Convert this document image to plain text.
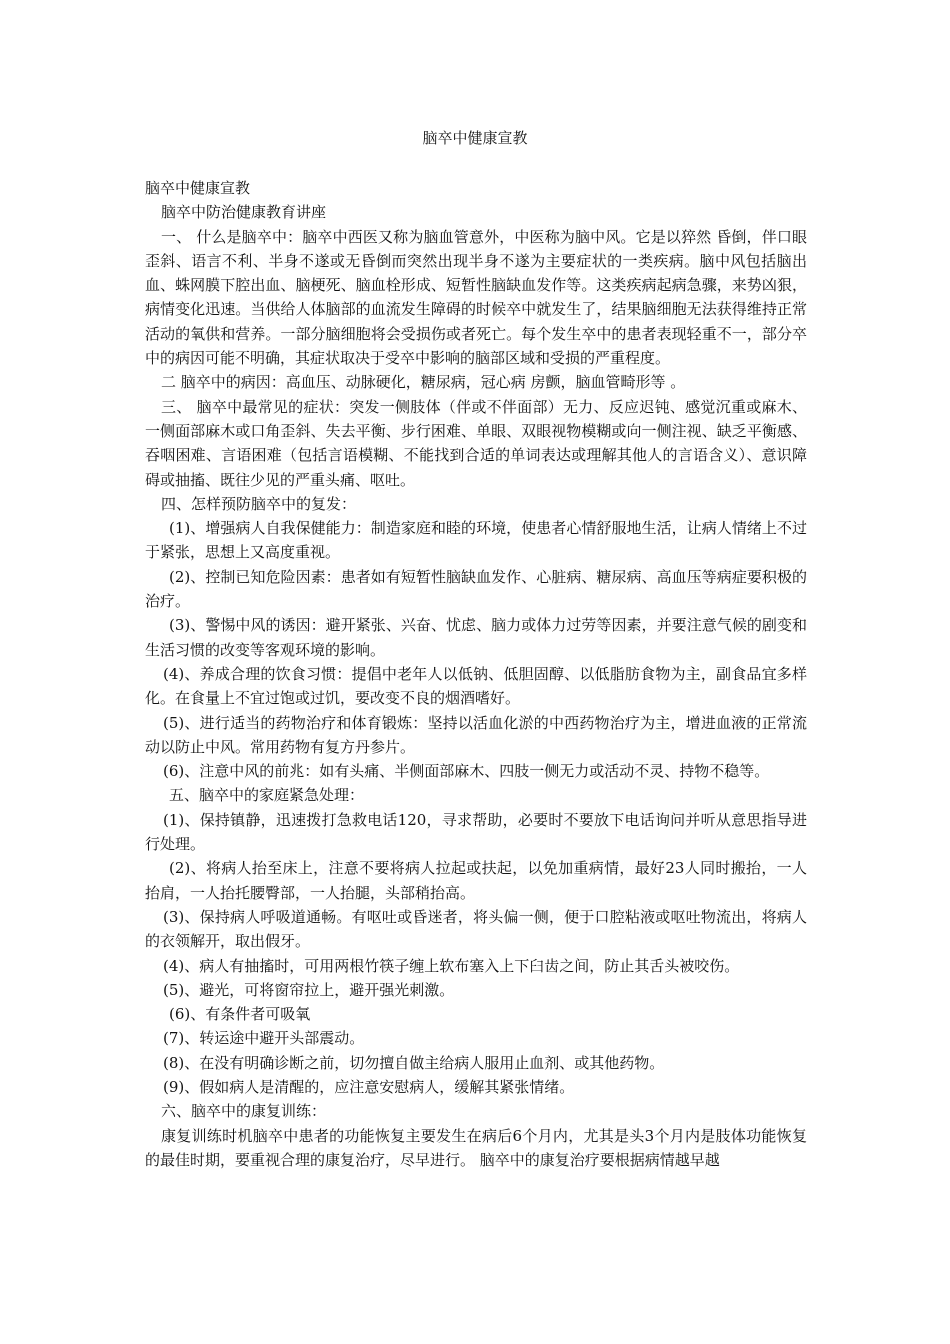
脑卒中健康宣教

脑卒中健康宣教

脑卒中防治健康教育讲座

一、 什么是脑卒中：脑卒中西医又称为脑血管意外，中医称为脑中风。它是以猝然 昏倒，伴口眼歪斜、语言不利、半身不遂或无昏倒而突然出现半身不遂为主要症状的一类疾病。脑中风包括脑出血、蛛网膜下腔出血、脑梗死、脑血栓形成、短暂性脑缺血发作等。这类疾病起病急骤，来势凶狠，病情变化迅速。当供给人体脑部的血流发生障碍的时候卒中就发生了，结果脑细胞无法获得维持正常活动的氧供和营养。一部分脑细胞将会受损伤或者死亡。每个发生卒中的患者表现轻重不一，部分卒中的病因可能不明确，其症状取决于受卒中影响的脑部区域和受损的严重程度。

二 脑卒中的病因：高血压、动脉硬化，糖尿病，冠心病 房颤，脑血管畸形等 。

三、 脑卒中最常见的症状：突发一侧肢体（伴或不伴面部）无力、反应迟钝、感觉沉重或麻木、一侧面部麻木或口角歪斜、失去平衡、步行困难、单眼、双眼视物模糊或向一侧注视、缺乏平衡感、吞咽困难、言语困难（包括言语模糊、不能找到合适的单词表达或理解其他人的言语含义）、意识障碍或抽搐、既往少见的严重头痛、呕吐。

四、怎样预防脑卒中的复发：

(1)、增强病人自我保健能力：制造家庭和睦的环境，使患者心情舒服地生活，让病人情绪上不过于紧张，思想上又高度重视。

(2)、控制已知危险因素：患者如有短暂性脑缺血发作、心脏病、糖尿病、高血压等病症要积极的治疗。

(3)、警惕中风的诱因：避开紧张、兴奋、忧虑、脑力或体力过劳等因素，并要注意气候的剧变和生活习惯的改变等客观环境的影响。

(4)、养成合理的饮食习惯：提倡中老年人以低钠、低胆固醇、以低脂肪食物为主，副食品宜多样化。在食量上不宜过饱或过饥，要改变不良的烟酒嗜好。

(5)、进行适当的药物治疗和体育锻炼：坚持以活血化淤的中西药物治疗为主，增进血液的正常流动以防止中风。常用药物有复方丹参片。

(6)、注意中风的前兆：如有头痛、半侧面部麻木、四肢一侧无力或活动不灵、持物不稳等。

五、脑卒中的家庭紧急处理：

(1)、保持镇静，迅速拨打急救电话120，寻求帮助，必要时不要放下电话询问并听从意思指导进行处理。

(2)、将病人抬至床上，注意不要将病人拉起或扶起，以免加重病情，最好23人同时搬抬，一人抬肩，一人抬托腰臀部，一人抬腿，头部稍抬高。

(3)、保持病人呼吸道通畅。有呕吐或昏迷者，将头偏一侧，便于口腔粘液或呕吐物流出，将病人的衣领解开，取出假牙。

(4)、病人有抽搐时，可用两根竹筷子缠上软布塞入上下臼齿之间，防止其舌头被咬伤。

(5)、避光，可将窗帘拉上，避开强光刺激。

(6)、有条件者可吸氧

(7)、转运途中避开头部震动。

(8)、在没有明确诊断之前，切勿擅自做主给病人服用止血剂、或其他药物。

(9)、假如病人是清醒的，应注意安慰病人，缓解其紧张情绪。

六、脑卒中的康复训练：

康复训练时机脑卒中患者的功能恢复主要发生在病后6个月内，尤其是头3个月内是肢体功能恢复的最佳时期，要重视合理的康复治疗，尽早进行。 脑卒中的康复治疗要根据病情越早越
